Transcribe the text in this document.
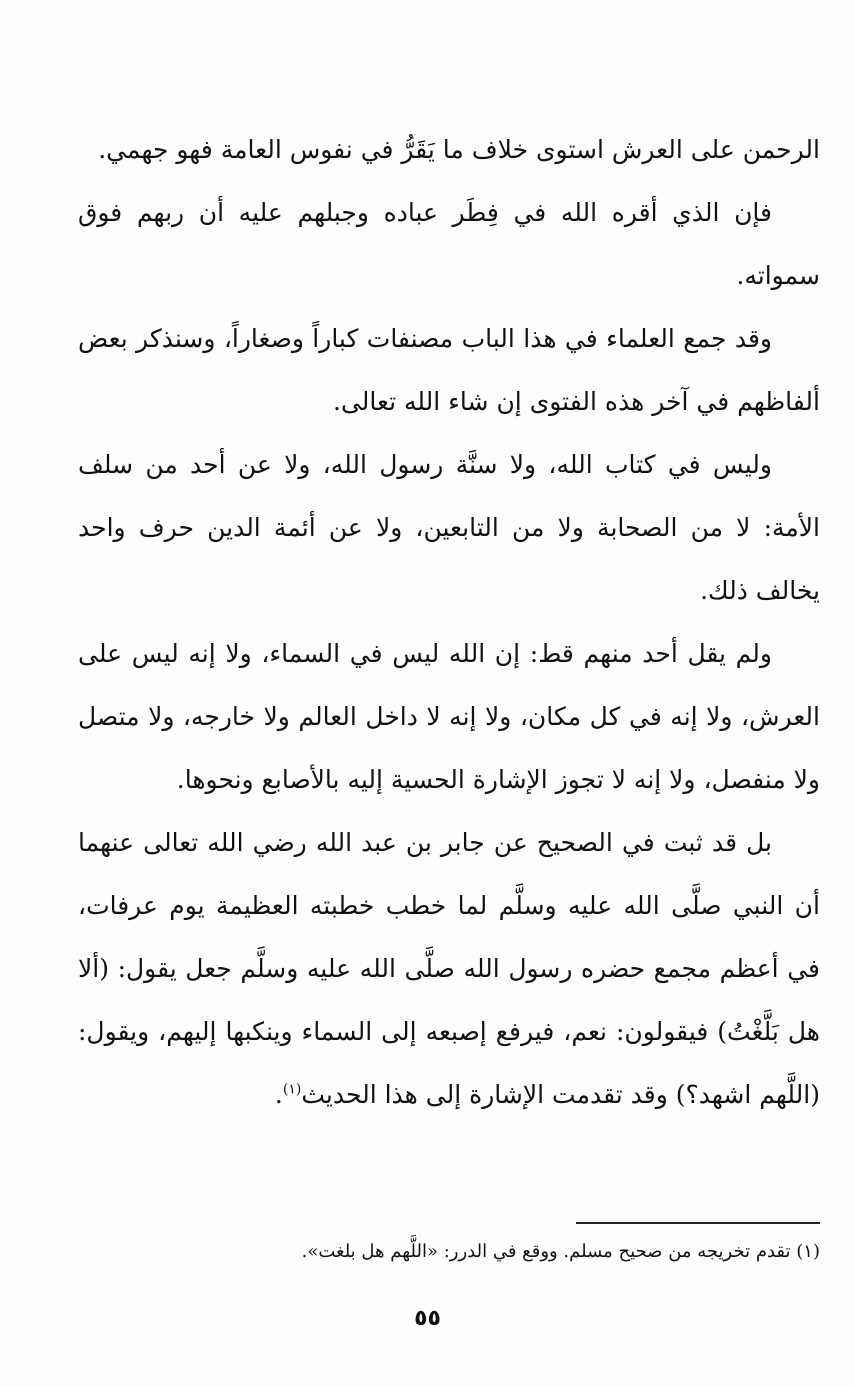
الرحمن على العرش استوى خلاف ما يَقَرُّ في نفوس العامة فهو جهمي.

فإن الذي أقره الله في فِطَر عباده وجبلهم عليه أن ربهم فوق سمواته.

وقد جمع العلماء في هذا الباب مصنفات كباراً وصغاراً، وسنذكر بعض ألفاظهم في آخر هذه الفتوى إن شاء الله تعالى.

وليس في كتاب الله، ولا سنَّة رسول الله، ولا عن أحد من سلف الأمة: لا من الصحابة ولا من التابعين، ولا عن أئمة الدين حرف واحد يخالف ذلك.

ولم يقل أحد منهم قط: إن الله ليس في السماء، ولا إنه ليس على العرش، ولا إنه في كل مكان، ولا إنه لا داخل العالم ولا خارجه، ولا متصل ولا منفصل، ولا إنه لا تجوز الإشارة الحسية إليه بالأصابع ونحوها.

بل قد ثبت في الصحيح عن جابر بن عبد الله رضي الله تعالى عنهما أن النبي صلَّى الله عليه وسلَّم لما خطب خطبته العظيمة يوم عرفات، في أعظم مجمع حضره رسول الله صلَّى الله عليه وسلَّم جعل يقول: (ألا هل بَلَّغْتُ) فيقولون: نعم، فيرفع إصبعه إلى السماء وينكبها إليهم، ويقول: (اللَّهم اشهد؟) وقد تقدمت الإشارة إلى هذا الحديث$^{(١)}$.

(١) تقدم تخريجه من صحيح مسلم. ووقع في الدرر: «اللَّهم هل بلغت».
٥٥
